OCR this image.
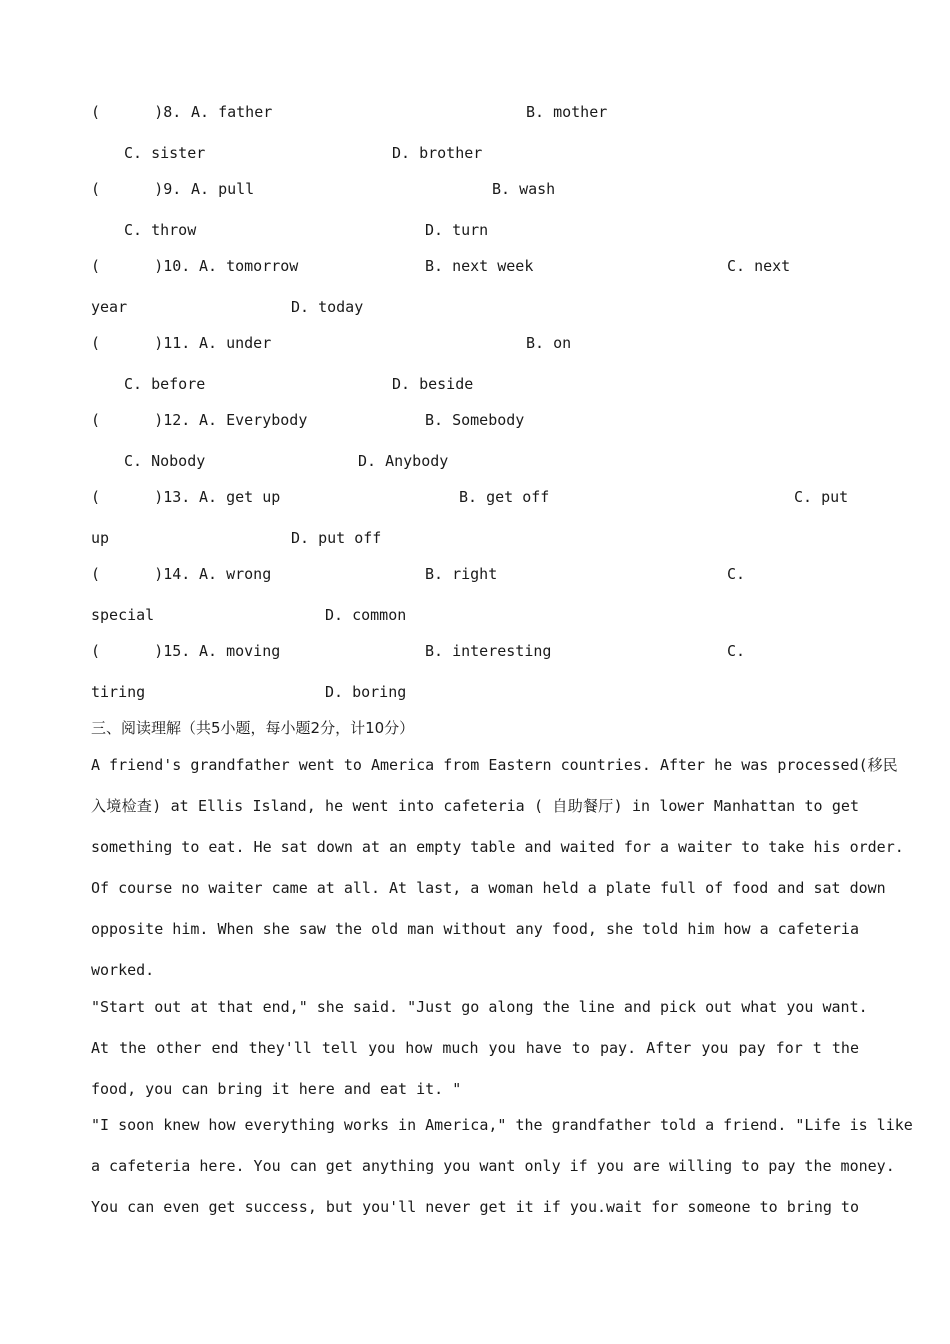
(      )8.

A. father

	B. mother

C. sister

	D. brother

(      )9.

A. pull

	B. wash

C. throw

	D. turn

(      )10.

A. tomorrow

	B. next week

	C. next

year

	D. today

(      )11.

A. under

	B. on

C. before

	D. beside

(      )12.

A. Everybody

	B. Somebody

C. Nobody

	D. Anybody

(      )13.

A. get up

	B. get off

	C. put

up

	D. put off

(      )14.

A. wrong

	B. right

	C.

special

	D. common

(      )15.

A. moving

	B. interesting

	C.

tiring

	D. boring

三、阅读理解（共5小题，每小题2分，计10分）
A friend's grandfather went to America from Eastern countries. After he was processed(移民
入境检查) at Ellis Island, he went into cafeteria ( 自助餐厅) in lower Manhattan to get
something to eat. He sat down at an empty table and waited for a waiter to take his order.
Of course no waiter came at all. At last, a woman held a plate full of food and sat down
opposite him. When she saw the old man without any food, she told him how a cafeteria
worked.
"Start out at that end," she said. "Just go along the line and pick out what you want.
At the other end they'll tell you how much you have to pay. After you pay for t the
food, you can bring it here and eat it. "
"I soon knew how everything works in America," the grandfather told a friend. "Life is like
a cafeteria here. You can get anything you want only if you are willing to pay the money.
You can even get success, but you'll never get it if you.wait for someone to bring to
